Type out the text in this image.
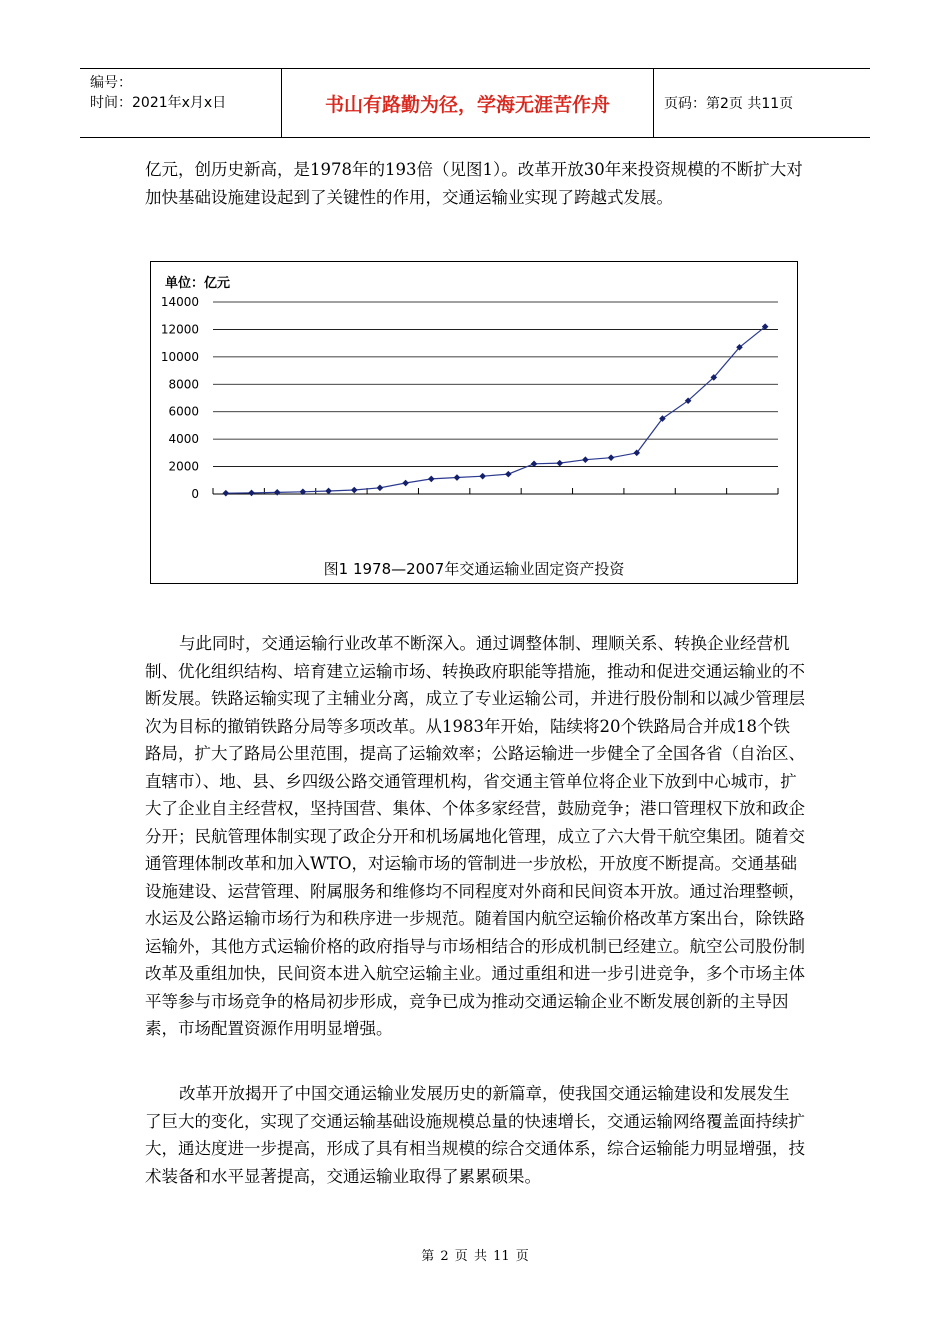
编号：
时间：2021年x月x日	书山有路勤为径，学海无涯苦作舟	页码：第2页 共11页
亿元，创历史新高，是1978年的193倍（见图1）。改革开放30年来投资规模的不断扩大对加快基础设施建设起到了关键性的作用，交通运输业实现了跨越式发展。
单位：亿元
0
2000
4000
6000
8000
10000
12000
14000
图1 1978—2007年交通运输业固定资产投资
与此同时，交通运输行业改革不断深入。通过调整体制、理顺关系、转换企业经营机制、优化组织结构、培育建立运输市场、转换政府职能等措施，推动和促进交通运输业的不断发展。铁路运输实现了主辅业分离，成立了专业运输公司，并进行股份制和以减少管理层次为目标的撤销铁路分局等多项改革。从1983年开始，陆续将20个铁路局合并成18个铁路局，扩大了路局公里范围，提高了运输效率；公路运输进一步健全了全国各省（自治区、直辖市）、地、县、乡四级公路交通管理机构，省交通主管单位将企业下放到中心城市，扩大了企业自主经营权，坚持国营、集体、个体多家经营，鼓励竞争；港口管理权下放和政企分开；民航管理体制实现了政企分开和机场属地化管理，成立了六大骨干航空集团。随着交通管理体制改革和加入WTO，对运输市场的管制进一步放松，开放度不断提高。交通基础设施建设、运营管理、附属服务和维修均不同程度对外商和民间资本开放。通过治理整顿，水运及公路运输市场行为和秩序进一步规范。随着国内航空运输价格改革方案出台，除铁路运输外，其他方式运输价格的政府指导与市场相结合的形成机制已经建立。航空公司股份制改革及重组加快，民间资本进入航空运输主业。通过重组和进一步引进竞争，多个市场主体平等参与市场竞争的格局初步形成，竞争已成为推动交通运输企业不断发展创新的主导因素，市场配置资源作用明显增强。
改革开放揭开了中国交通运输业发展历史的新篇章，使我国交通运输建设和发展发生了巨大的变化，实现了交通运输基础设施规模总量的快速增长，交通运输网络覆盖面持续扩大，通达度进一步提高，形成了具有相当规模的综合交通体系，综合运输能力明显增强，技术装备和水平显著提高，交通运输业取得了累累硕果。
第 2 页 共 11 页
